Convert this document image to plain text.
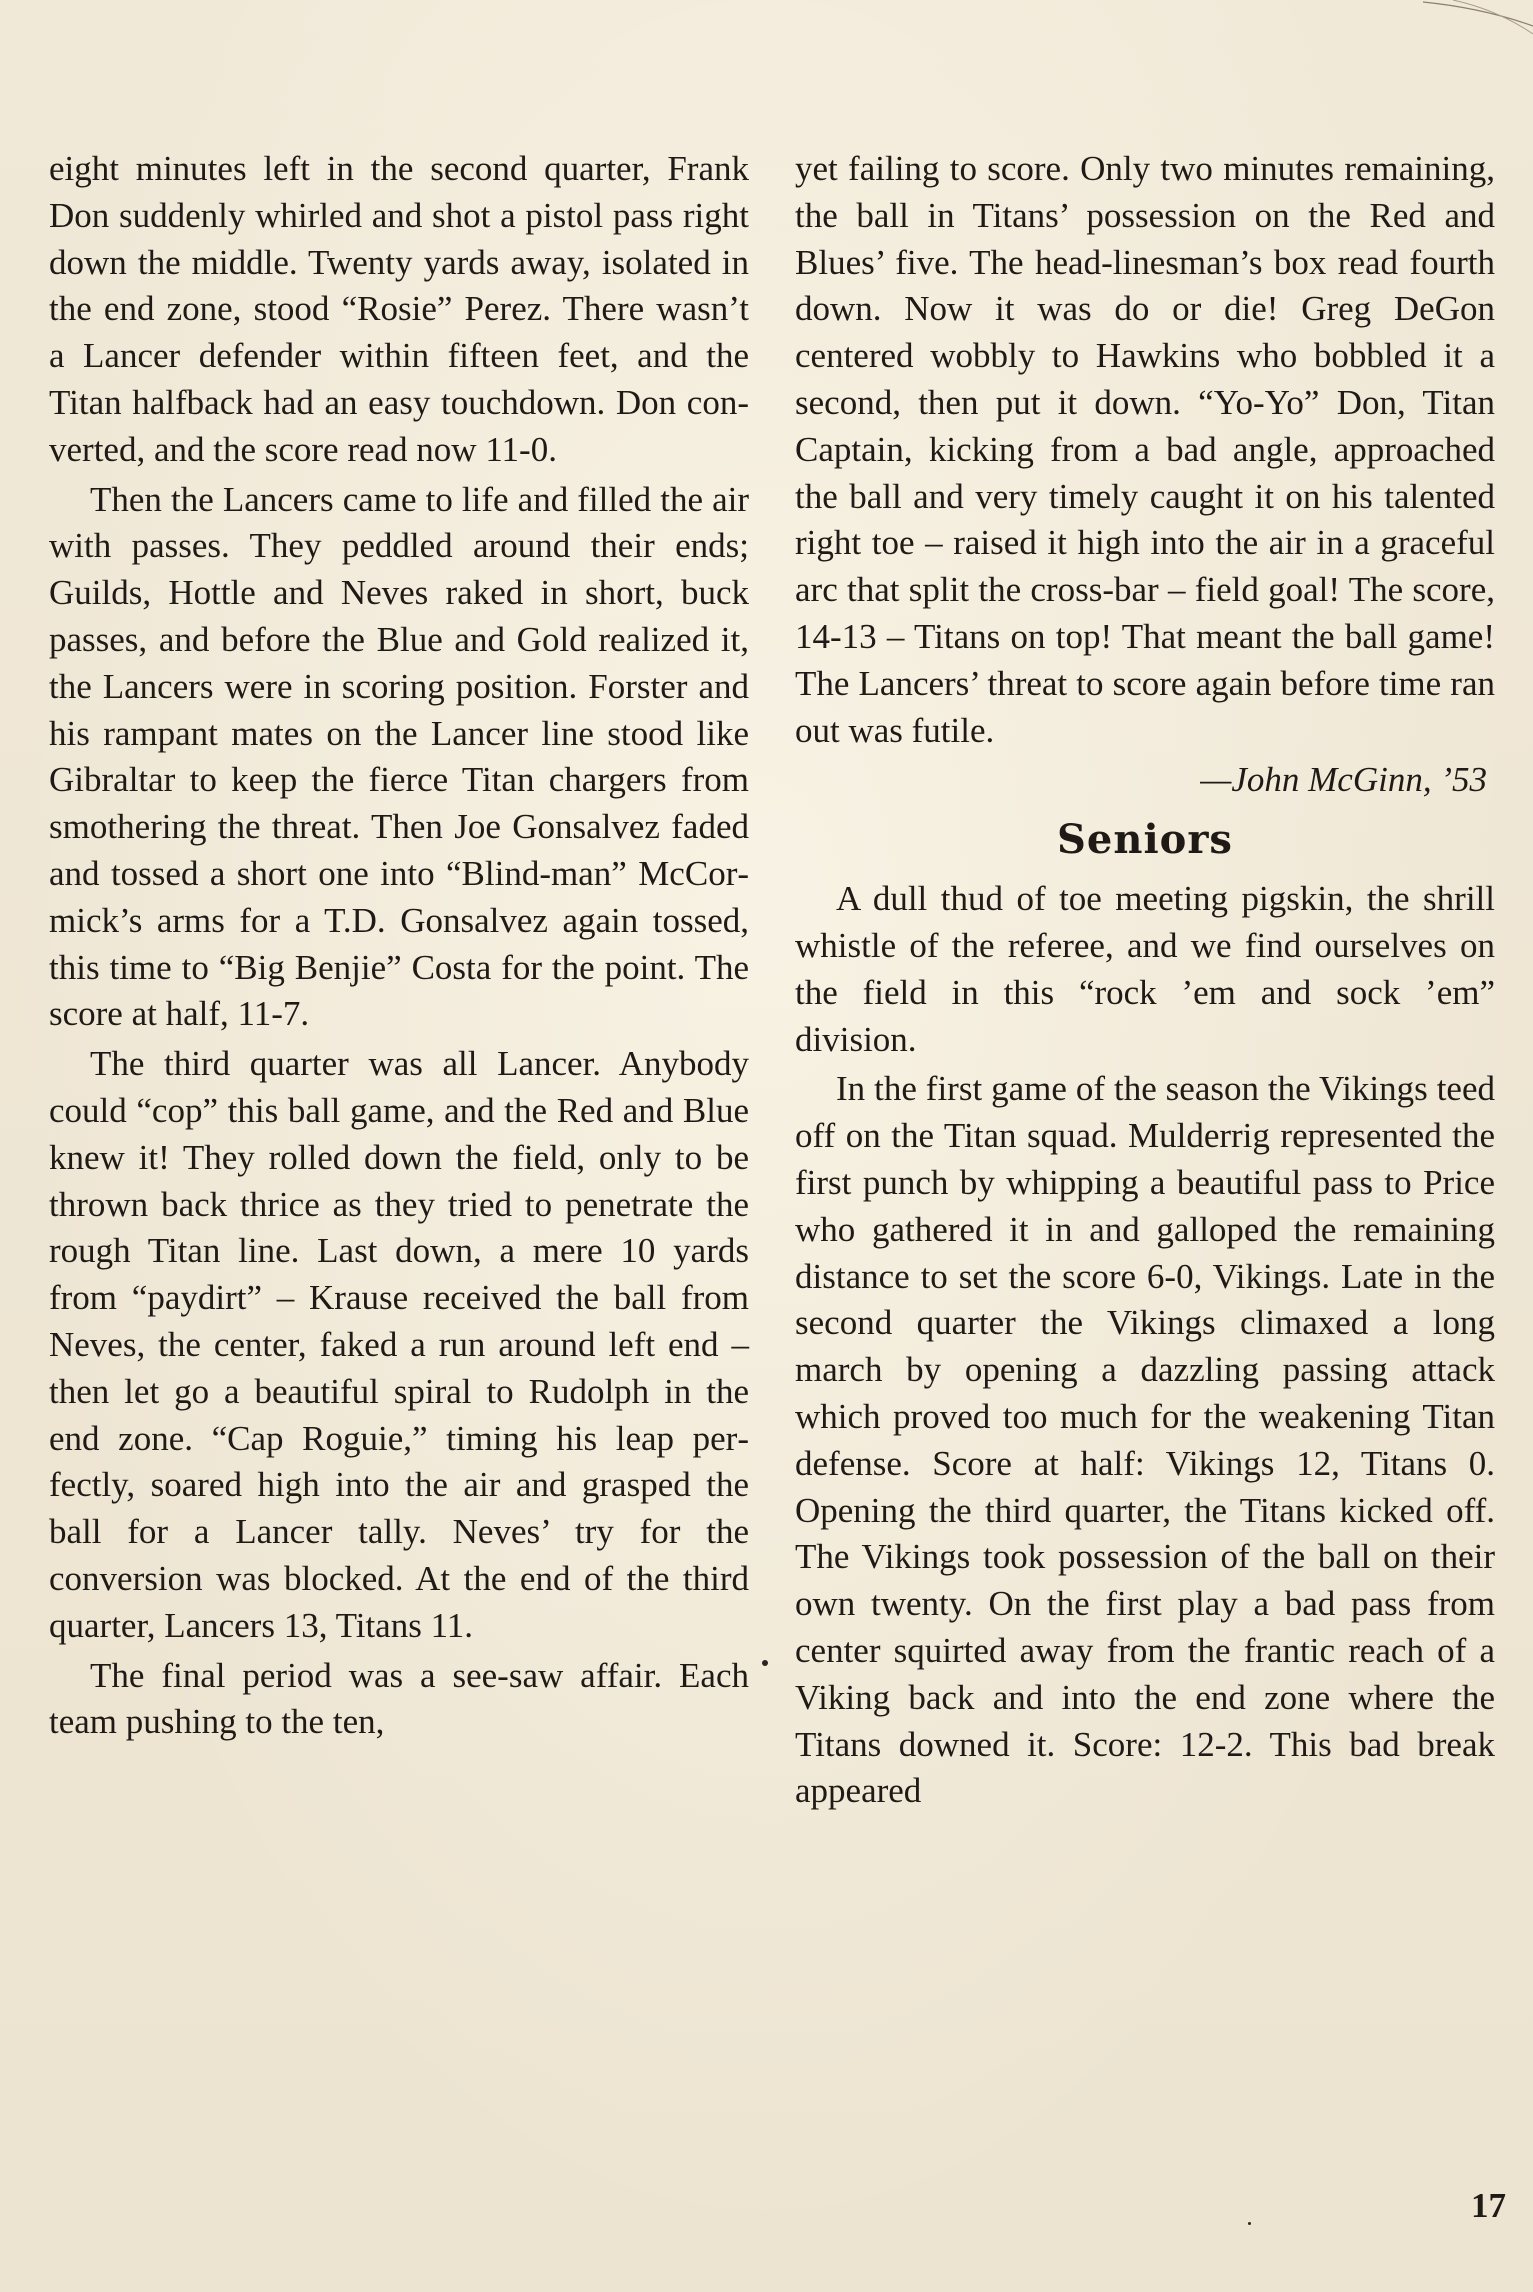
eight minutes left in the second quarter, Frank Don suddenly whirled and shot a pistol pass right down the middle. Twenty yards away, isolated in the end zone, stood “Rosie” Perez. There wasn’t a Lancer defender within fifteen feet, and the Titan halfback had an easy touchdown. Don converted, and the score read now 11-0.

Then the Lancers came to life and filled the air with passes. They peddled around their ends; Guilds, Hottle and Neves raked in short, buck passes, and before the Blue and Gold realized it, the Lancers were in scoring position. Forster and his rampant mates on the Lancer line stood like Gibraltar to keep the fierce Titan chargers from smothering the threat. Then Joe Gonsalvez faded and tossed a short one into “Blind-man” McCormick’s arms for a T.D. Gonsalvez again tossed, this time to “Big Benjie” Costa for the point. The score at half, 11-7.

The third quarter was all Lancer. Anybody could “cop” this ball game, and the Red and Blue knew it! They rolled down the field, only to be thrown back thrice as they tried to penetrate the rough Titan line. Last down, a mere 10 yards from “paydirt” – Krause received the ball from Neves, the center, faked a run around left end – then let go a beautiful spiral to Rudolph in the end zone. “Cap Roguie,” timing his leap perfectly, soared high into the air and grasped the ball for a Lancer tally. Neves’ try for the conversion was blocked. At the end of the third quarter, Lancers 13, Titans 11.

The final period was a see-saw affair. Each team pushing to the ten,

yet failing to score. Only two minutes remaining, the ball in Titans’ possession on the Red and Blues’ five. The head-linesman’s box read fourth down. Now it was do or die! Greg DeGon centered wobbly to Hawkins who bobbled it a second, then put it down. “Yo-Yo” Don, Titan Captain, kicking from a bad angle, approached the ball and very timely caught it on his talented right toe – raised it high into the air in a graceful arc that split the cross-bar – field goal! The score, 14-13 – Titans on top! That meant the ball game! The Lancers’ threat to score again before time ran out was futile.

—John McGinn, ’53

Seniors

A dull thud of toe meeting pigskin, the shrill whistle of the referee, and we find ourselves on the field in this “rock ’em and sock ’em” division.

In the first game of the season the Vikings teed off on the Titan squad. Mulderrig represented the first punch by whipping a beautiful pass to Price who gathered it in and galloped the remaining distance to set the score 6-0, Vikings. Late in the second quarter the Vikings climaxed a long march by opening a dazzling passing attack which proved too much for the weakening Titan defense. Score at half: Vikings 12, Titans 0. Opening the third quarter, the Titans kicked off. The Vikings took possession of the ball on their own twenty. On the first play a bad pass from center squirted away from the frantic reach of a Viking back and into the end zone where the Titans downed it. Score: 12-2. This bad break appeared

17
